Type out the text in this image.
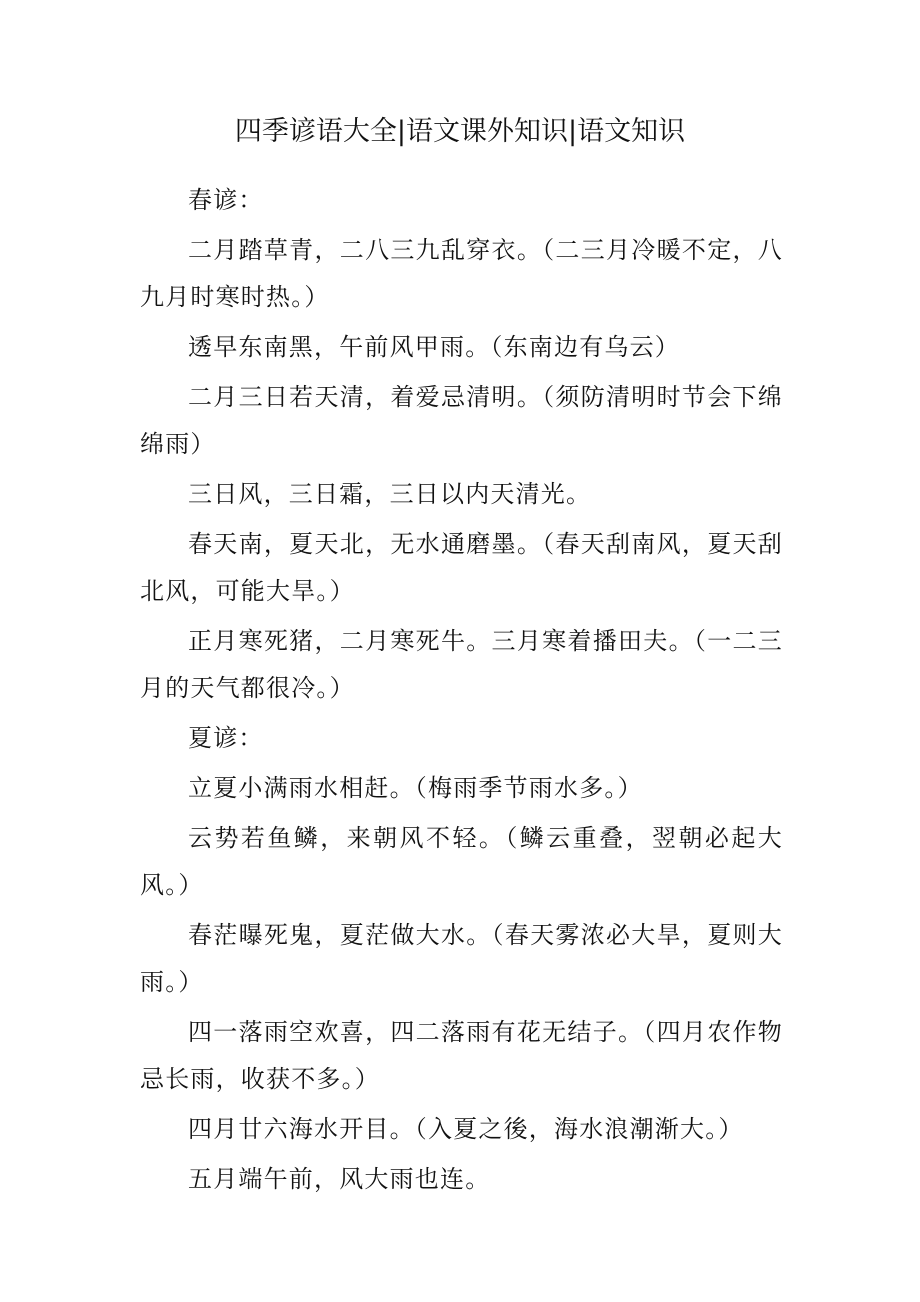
四季谚语大全|语文课外知识|语文知识

春谚：

二月踏草青，二八三九乱穿衣。（二三月冷暖不定，八九月时寒时热。）

透早东南黑，午前风甲雨。（东南边有乌云）

二月三日若天清，着爱忌清明。（须防清明时节会下绵绵雨）

三日风，三日霜，三日以内天清光。

春天南，夏天北，无水通磨墨。（春天刮南风，夏天刮北风，可能大旱。）

正月寒死猪，二月寒死牛。三月寒着播田夫。（一二三月的天气都很冷。）

夏谚：

立夏小满雨水相赶。（梅雨季节雨水多。）

云势若鱼鳞，来朝风不轻。（鳞云重叠，翌朝必起大风。）

春茫曝死鬼，夏茫做大水。（春天雾浓必大旱，夏则大雨。）

四一落雨空欢喜，四二落雨有花无结子。（四月农作物忌长雨，收获不多。）

四月廿六海水开目。（入夏之後，海水浪潮渐大。）

五月端午前，风大雨也连。
